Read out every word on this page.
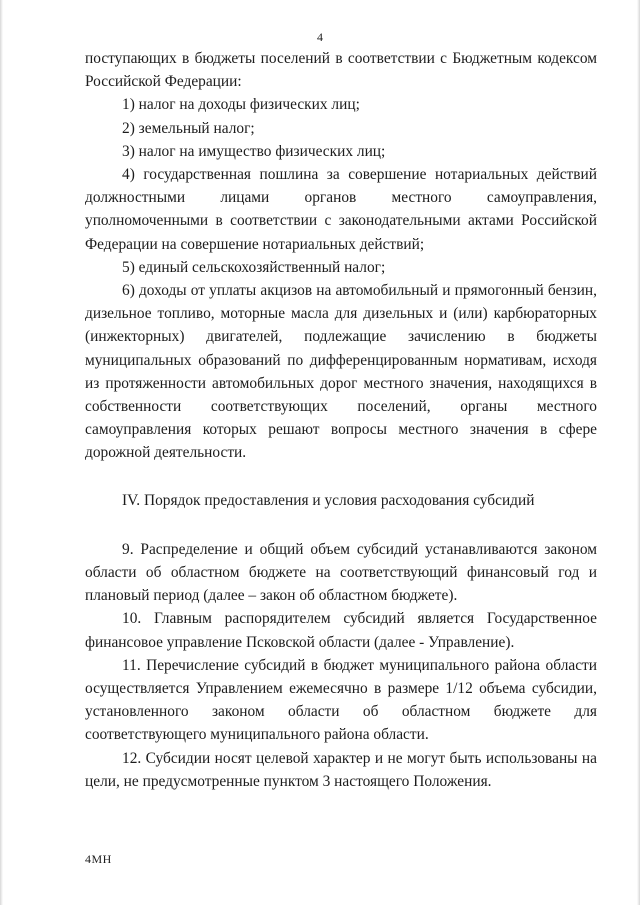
4

поступающих в бюджеты поселений в соответствии с Бюджетным кодексом Российской Федерации:

1) налог на доходы физических лиц;

2) земельный налог;

3) налог на имущество физических лиц;

4) государственная пошлина за совершение нотариальных действий должностными лицами органов местного самоуправления, уполномоченными в соответствии с законодательными актами Российской Федерации на совершение нотариальных действий;

5) единый сельскохозяйственный налог;

6) доходы от уплаты акцизов на автомобильный и прямогонный бензин, дизельное топливо, моторные масла для дизельных и (или) карбюраторных (инжекторных) двигателей, подлежащие зачислению в бюджеты муниципальных образований по дифференцированным нормативам, исходя из протяженности автомобильных дорог местного значения, находящихся в собственности соответствующих поселений, органы местного самоуправления которых решают вопросы местного значения в сфере дорожной деятельности.

IV. Порядок предоставления и условия расходования субсидий

9. Распределение и общий объем субсидий устанавливаются законом области об областном бюджете на соответствующий финансовый год и плановый период (далее – закон об областном бюджете).

10. Главным распорядителем субсидий является Государственное финансовое управление Псковской области (далее - Управление).

11. Перечисление субсидий в бюджет муниципального района области осуществляется Управлением ежемесячно в размере 1/12 объема субсидии, установленного законом области об областном бюджете для соответствующего муниципального района области.

12. Субсидии носят целевой характер и не могут быть использованы на цели, не предусмотренные пунктом 3 настоящего Положения.

4МН
